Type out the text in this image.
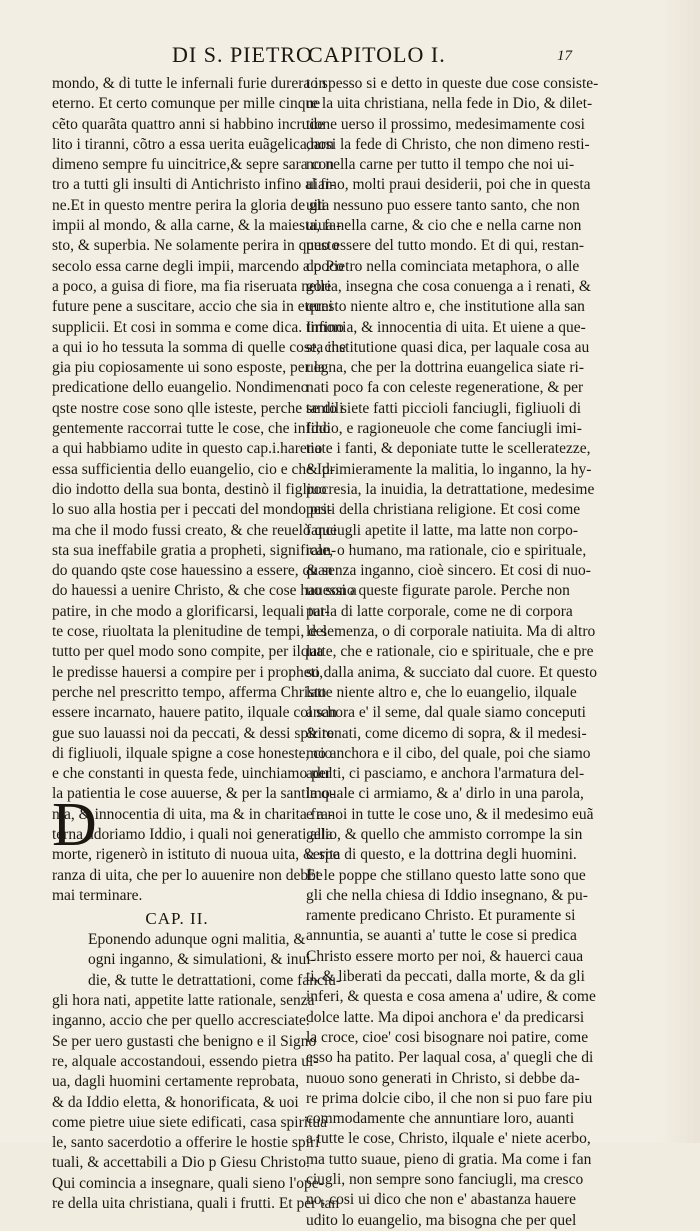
DI S. PIETRO
CAPITOLO I.	17
mondo, & di tutte le infernali furie durera in
eterno. Et certo comunque per mille cinque
cẽto quarãta quattro anni si habbino incrude
lito i tiranni, cõtro a essa uerita euãgelica,non
dimeno sempre fu uincitrice,& sepre sara con
tro a tutti gli insulti di Antichristo infino al fi-
ne.Et in questo mentre perira la gloria de gli
impii al mondo, & alla carne, & la maiesta, fa-
sto, & superbia. Ne solamente perira in questo
secolo essa carne degli impii, marcendo a poco
a poco, a guisa di fiore, ma fia riseruata nelle
future pene a suscitare, accio che sia in eterni
supplicii. Et cosi in somma e come dica. Infino
a qui io ho tessuta la somma di quelle cose, che
gia piu copiosamente ui sono esposte, per la
predicatione dello euangelio. Nondimeno
qste nostre cose sono qlle isteste, perche se dili
gentemente raccorrai tutte le cose, che infino
a qui habbiamo udite in questo cap.i.hareno
essa sufficientia dello euangelio, cio e che Id-
dio indotto della sua bonta, destinò il figliuo
lo suo alla hostia per i peccati del mondo pri-
ma che il modo fussi creato, & che reuelò que
sta sua ineffabile gratia a propheti, significan-
do quando qste cose hauessino a essere, quan
do hauessi a uenire Christo, & che cose hauessi a
patire, in che modo a glorificarsi, lequali tut-
te cose, riuoltata la plenitudine de tempi, del
tutto per quel modo sono compite, per ilqua
le predisse hauersi a compire per i propheti,
perche nel prescritto tempo, afferma Christo
essere incarnato, hauere patito, ilquale col san
gue suo lauassi noi da peccati, & dessi spirito
di figliuoli, ilquale spigne a cose honeste, cio
e che constanti in questa fede, uinchiamo per
la patientia le cose auuerse, & per la santimo-
nia, & innocentia di uita, ma & in charita fra-
terna adoriamo Iddio, i quali noi generati alla
morte, rigenerò in istituto di nuoua uita, & spe
ranza di uita, che per lo auuenire non debbe
mai terminare.
CAP. II.
Eponendo adunque ogni malitia, &
ogni inganno, & simulationi, & inui-
die, & tutte le detrattationi, come fanciu-
gli hora nati, appetite latte rationale, senza
inganno, accio che per quello accresciate.
Se per uero gustasti che benigno e il Signo
re, alquale accostandoui, essendo pietra ui-
ua, dagli huomini certamente reprobata,
& da Iddio eletta, & honorificata, & uoi
come pietre uiue siete edificati, casa spiritua
le, santo sacerdotio a offerire le hostie spiri
tuali, & accettabili a Dio p Giesu Christo.
Qui comincia a insegnare, quali sieno l'ope-
re della uita christiana, quali i frutti. Et per tan
D
to spesso si e detto in queste due cose consiste-
re la uita christiana, nella fede in Dio, & dilet-
tione uerso il prossimo, medesimamente cosi
darsi la fede di Christo, che non dimeno resti-
no nella carne per tutto il tempo che noi ui-
uiamo, molti praui desiderii, poi che in questa
uita nessuno puo essere tanto santo, che non
uiua nella carne, & cio che e nella carne non
puo essere del tutto mondo. Et di qui, restan-
do Pietro nella cominciata metaphora, o alle
goria, insegna che cosa conuenga a i renati, &
questo niente altro e, che institutione alla san
timonia, & innocentia di uita. Et uiene a que-
sta institutione quasi dica, per laquale cosa au
uegna, che per la dottrina euangelica siate ri-
nati poco fa con celeste regeneratione, & per
tanto siete fatti piccioli fanciugli, figliuoli di
Iddio, e ragioneuole che come fanciugli imi-
tiate i fanti, & deponiate tutte le scelleratezze,
& primieramente la malitia, lo inganno, la hy-
pocresia, la inuidia, la detrattatione, medesime
pesti della christiana religione. Et cosi come
fanciugli apetite il latte, ma latte non corpo-
rale, o humano, ma rationale, cio e spirituale,
& senza inganno, cioè sincero. Et cosi di nuo-
uo sono queste figurate parole. Perche non
parla di latte corporale, come ne di corpora
le semenza, o di corporale natiuita. Ma di altro
latte, che e rationale, cio e spirituale, che e pre
so dalla anima, & succiato dal cuore. Et questo
latte niente altro e, che lo euangelio, ilquale
anchora e' il seme, dal quale siamo conceputi
& renati, come dicemo di sopra, & il medesi-
mo anchora e il cibo, del quale, poi che siamo
adulti, ci pasciamo, e anchora l'armatura del-
la quale ci armiamo, & a' dirlo in una parola,
e a noi in tutte le cose uno, & il medesimo euã
gelio, & quello che ammisto corrompe la sin
cerita di questo, e la dottrina degli huomini.
Et le poppe che stillano questo latte sono que
gli che nella chiesa di Iddio insegnano, & pu-
ramente predicano Christo. Et puramente si
annuntia, se auanti a' tutte le cose si predica
Christo essere morto per noi, & hauerci caua
ti, & liberati da peccati, dalla morte, & da gli
inferi, & questa e cosa amena a' udire, & come
dolce latte. Ma dipoi anchora e' da predicarsi
la croce, cioe' cosi bisognare noi patire, come
esso ha patito. Per laqual cosa, a' quegli che di
nuouo sono generati in Christo, si debbe da-
re prima dolcie cibo, il che non si puo fare piu
commodamente che annuntiare loro, auanti
a tutte le cose, Christo, ilquale e' niete acerbo,
ma tutto suaue, pieno di gratia. Ma come i fan
ciugli, non sempre sono fanciugli, ma cresco
no, cosi ui dico che non e' abastanza hauere
udito lo euangelio, ma bisogna che per quel
